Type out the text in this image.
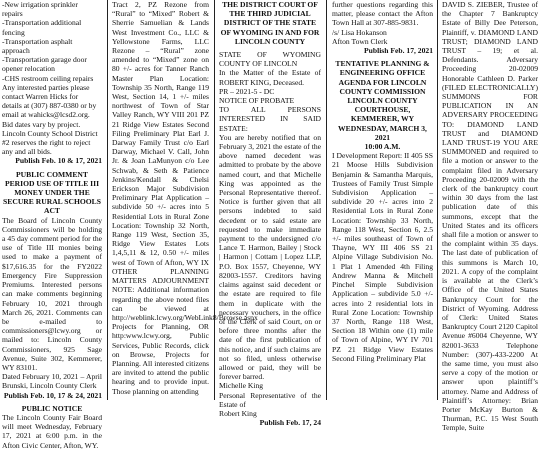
-New irrigation sprinkler
repairs
-Transportation additional
fencing
-Transportation asphalt
approach
-Transportation garage door
opener relocation
-CHS restroom ceiling repairs
Any interested parties please
contact Warren Hicks for
details at (307) 887-0380 or by
email at wahicks@lcsd2.org.
Bid dates vary by project.
Lincoln County School District
#2 reserves the right to reject
any and all bids.
Publish Feb. 10 & 17, 2021
PUBLIC COMMENT PERIOD USE OF TITLE III MONEY UNDER THE SECURE RURAL SCHOOLS ACT

The Board of Lincoln County Commissioners will be holding a 45 day comment period for the use of Title III monies being used to make a payment of $17,616.35 for the FY2022 Emergency Fire Suppression Premiums. Interested persons can make comments beginning February 10, 2021 through March 26, 2021. Comments can be e-mailed to commissioners@lcwy.org or mailed to: Lincoln County Commissioners, 925 Sage Avenue, Suite 302, Kemmerer, WY 83101.

Dated February 10, 2021 – April Brunski, Lincoln County Clerk

Publish Feb. 10, 17 & 24, 2021
PUBLIC NOTICE

The Lincoln County Fair Board will meet Wednesday, February 17, 2021 at 6:00 p.m. in the Afton Civic Center, Afton, WY.

Tract 2, PZ Rezone from “Rural” to “Mixed” Robert & Sherrie Samuelian & Lands West Investment Co., LLC & Yellowstone Farms, LLC Rezone – “Rural” zone amended to “Mixed” zone on 80 +/- acres for Tanner Ranch Master Plan Location: Township 35 North, Range 119 West, Section 14, 1 +/- miles northwest of Town of Star Valley Ranch, WY VIII 201 PZ 21 Ridge View Estates Second Filing Preliminary Plat Earl J. Darway Family Trust c/o Earl Darway, Michael V. Call, John Jr. & Joan LaMunyon c/o Lee Schwab, & Seth & Patience Jenkins/Kendall & Chelsi Erickson Major Subdivision Preliminary Plat Application – subdivide 50 +/- acres into 5 Residential Lots in Rural Zone Location: Township 32 North, Range 119 West, Section 35, Ridge View Estates Lots 1,4,5,11 & 12, 0.50 +/- miles west of Town of Afton, WY IX OTHER PLANNING MATTERS ADJOURNMENT NOTE: Additional information regarding the above noted files can be viewed at http://weblink.lcwy.org/WebLink8/Browse.aspx Projects for Planning, OR http:www.lcwy.org, Public Services, Public Records, click on Browse, Projects for Planning. All interested citizens are invited to attend the public hearing and to provide input. Those planning on attending

THE DISTRICT COURT OF THE THIRD JUDICIAL DISTRICT OF THE STATE OF WYOMING IN AND FOR LINCOLN COUNTY

STATE OF WYOMING COUNTY OF LINCOLN

In the Matter of the Estate of ROBERT KING, Deceased.

PR – 2021-5 - DC

NOTICE OF PROBATE

TO ALL PERSONS INTERESTED IN SAID ESTATE:

You are hereby notified that on February 3, 2021 the estate of the above named decedent was admitted to probate by the above named court, and that Michelle King was appointed as the Personal Representative thereof. Notice is further given that all persons indebted to said decedent or to said estate are requested to make immediate payment to the undersigned c/o Lance T. Harmon, Bailey | Stock | Harmon | Cottam | Lopez LLP, P.O. Box 1557, Cheyenne, WY 82003-1557. Creditors having claims against said decedent or the estate are required to file them in duplicate with the necessary vouchers, in the office of the Clerk of said Court, on or before three months after the date of the first publication of this notice, and if such claims are not so filed, unless otherwise allowed or paid, they will be forever barred.

Michelle King

Personal Representative of the Estate of

Robert King

Publish Feb. 17, 24

further questions regarding this matter, please contact the Afton Town Hall at 307-885-9831.

/s/ Lisa Hokanson

Afton Town Clerk

Publish Feb. 17, 2021
TENTATIVE PLANNING & ENGINEERING OFFICE AGENDA FOR LINCOLN COUNTY COMMISSION LINCOLN COUNTY COURTHOUSE, KEMMERER, WY
WEDNESDAY, MARCH 3, 2021
10:00 A.M.

I Development Report: II 405 SS 21 Moose Hills Subdivision Benjamin & Samantha Marquis, Trustees of Family Trust Simple Subdivision Application – subdivide 20 +/- acres into 2 Residential Lots in Rural Zone Location: Township 33 North, Range 118 West, Section 6, 2.5 +/- miles southeast of Town of Thayne, WY III 406 SS 21 Alpine Village Subdivision No. 1 Plat 1 Amended 4th Filing Andrew Manna & Mitchell Pinchel Simple Subdivision Application – subdivide 5.0 +/- acres into 2 residential lots in Rural Zone Location: Township 37 North, Range 118 West, Section 18 Within one (1) mile of Town of Alpine, WY IV 701 PZ 21 Ridge View Estates Second Filing Preliminary Plat

DAVID S. ZIEBER, Trustee of the Chapter 7 Bankruptcy Estate of Billy Dee Peterson, Plaintiff, v. DIAMOND LAND TRUST; DIAMOND LAND TRUST – 19; et al. Defendants. Adversary Proceeding 20-02009 Honorable Cathleen D. Parker (FILED ELECTRONICALLY) SUMMONS FOR PUBLICATION IN AN ADVERSARY PROCEEDING TO: DIAMOND LAND TRUST and DIAMOND LAND TRUST-19 YOU ARE SUMMONED and required to file a motion or answer to the complaint filed in Adversary Proceeding 20-02009 with the clerk of the bankruptcy court within 30 days from the last publication date of this summons, except that the United States and its officers shall file a motion or answer to the complaint within 35 days. The last date of publication of this summons is March 10, 2021. A copy of the complaint is available at the Clerk’s Office of the United States Bankruptcy Court for the District of Wyoming. Address of Clerk: United States Bankruptcy Court 2120 Capitol Avenue #6004 Cheyenne, WY 82001-3633 Telephone Number: (307)-433-2200 At the same time, you must also serve a copy of the motion or answer upon plaintiff’s attorney. Name and Address of Plaintiff’s Attorney: Brian Porter McKay Burton & Thurman, P.C. 15 West South Temple, Suite
